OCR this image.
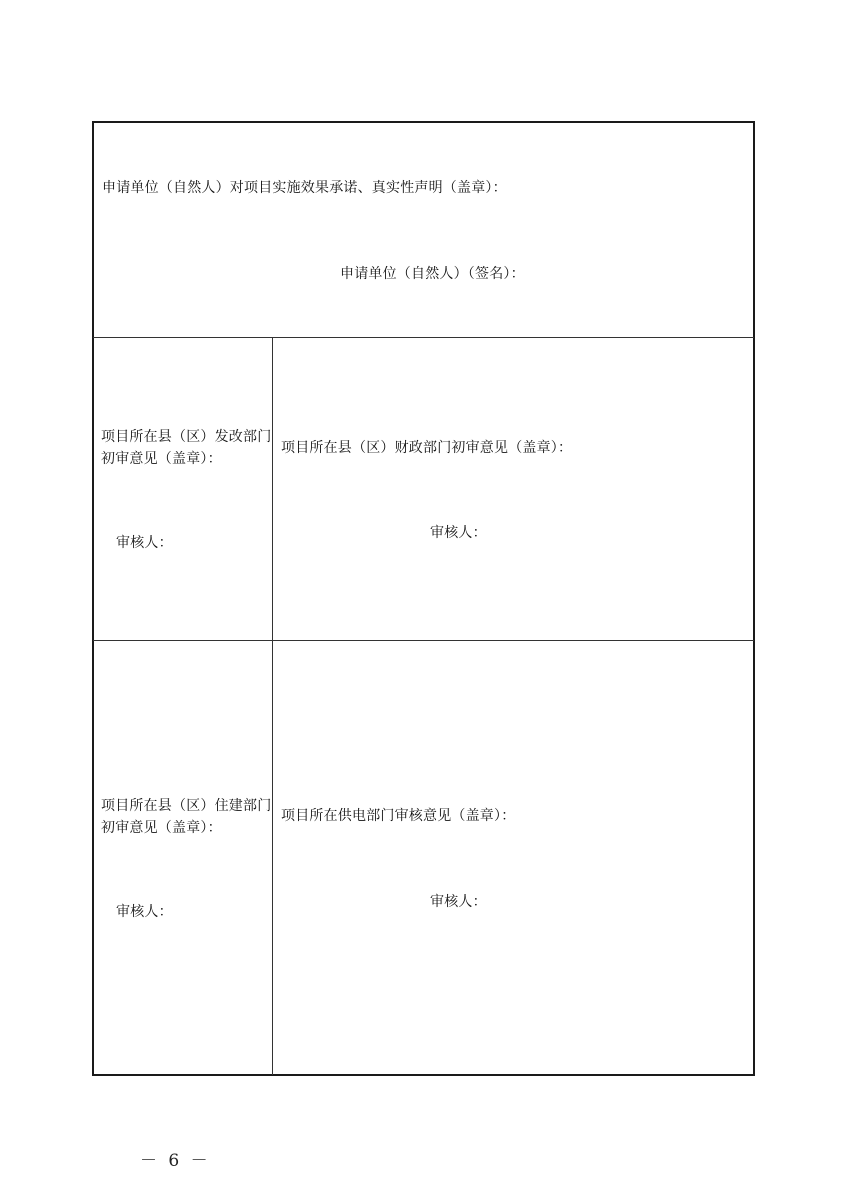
申请单位（自然人）对项目实施效果承诺、真实性声明（盖章）：
申请单位（自然人）（签名）：
项目所在县（区）发改部门初审意见（盖章）：
审核人：
项目所在县（区）财政部门初审意见（盖章）：
审核人：
项目所在县（区）住建部门初审意见（盖章）：
审核人：
项目所在供电部门审核意见（盖章）：
审核人：
－ 6 －
